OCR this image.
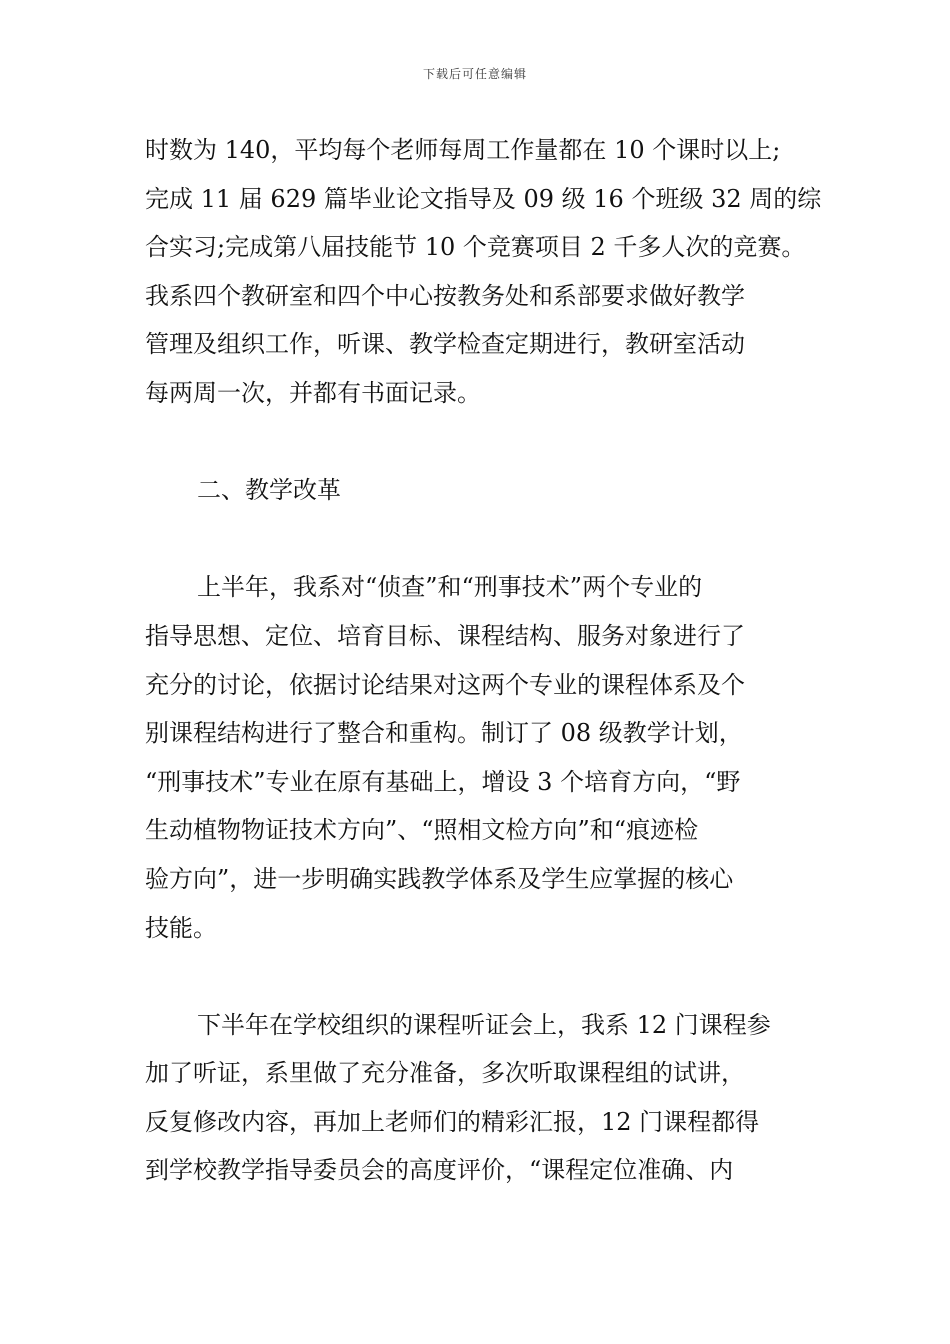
下载后可任意编辑
时数为 140，平均每个老师每周工作量都在 10 个课时以上;
完成 11 届 629 篇毕业论文指导及 09 级 16 个班级 32 周的综
合实习;完成第八届技能节 10 个竞赛项目 2 千多人次的竞赛。
我系四个教研室和四个中心按教务处和系部要求做好教学
管理及组织工作，听课、教学检查定期进行，教研室活动
每两周一次，并都有书面记录。
二、教学改革
上半年，我系对“侦查”和“刑事技术”两个专业的
指导思想、定位、培育目标、课程结构、服务对象进行了
充分的讨论，依据讨论结果对这两个专业的课程体系及个
别课程结构进行了整合和重构。制订了 08 级教学计划，
“刑事技术”专业在原有基础上，增设 3 个培育方向，“野
生动植物物证技术方向”、“照相文检方向”和“痕迹检
验方向”，进一步明确实践教学体系及学生应掌握的核心
技能。
下半年在学校组织的课程听证会上，我系 12 门课程参
加了听证，系里做了充分准备，多次听取课程组的试讲，
反复修改内容，再加上老师们的精彩汇报，12 门课程都得
到学校教学指导委员会的高度评价，“课程定位准确、内
